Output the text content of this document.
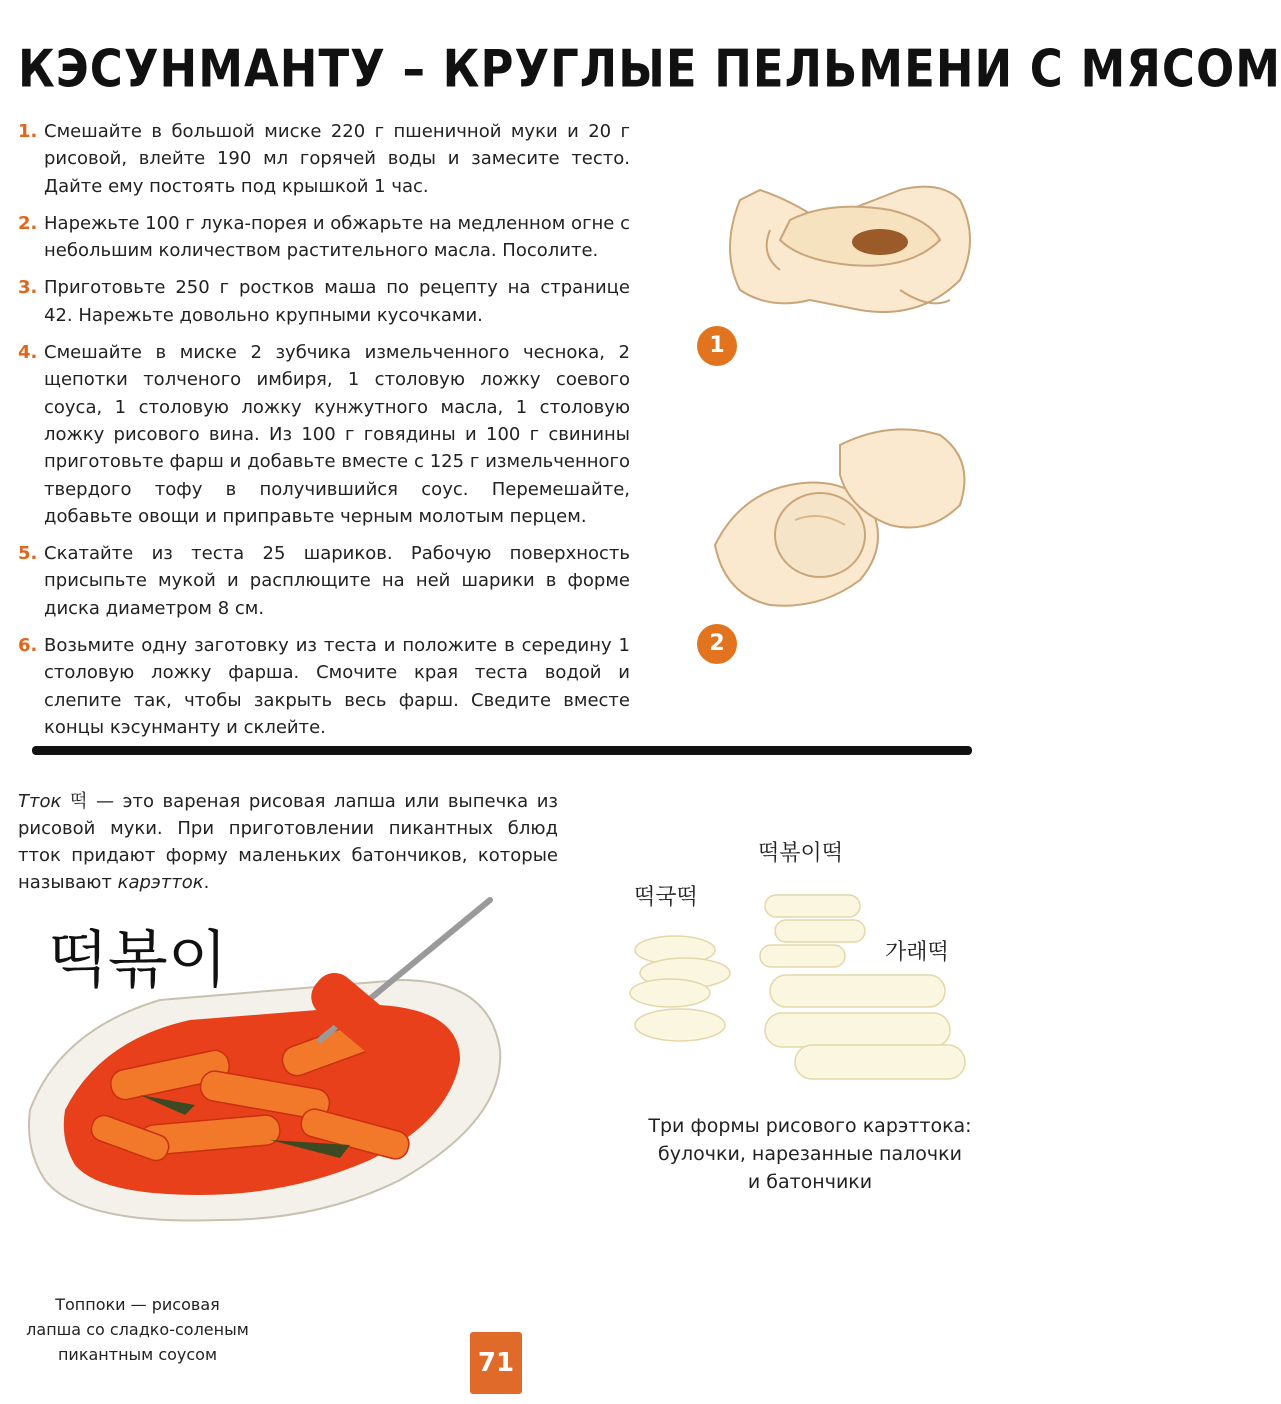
КЭСУНМАНТУ – КРУГЛЫЕ ПЕЛЬМЕНИ С МЯСОМ
1. Смешайте в большой миске 220 г пшеничной муки и 20 г рисовой, влейте 190 мл горячей воды и замесите тесто. Дайте ему постоять под крышкой 1 час.
2. Нарежьте 100 г лука-порея и обжарьте на медленном огне с небольшим количеством растительного масла. Посолите.
3. Приготовьте 250 г ростков маша по рецепту на странице 42. Нарежьте довольно крупными кусочками.
4. Смешайте в миске 2 зубчика измельченного чеснока, 2 щепотки толченого имбиря, 1 столовую ложку соевого соуса, 1 столовую ложку кунжутного масла, 1 столовую ложку рисового вина. Из 100 г говядины и 100 г свинины приготовьте фарш и добавьте вместе с 125 г измельченного твердого тофу в получившийся соус. Перемешайте, добавьте овощи и приправьте черным молотым перцем.
5. Скатайте из теста 25 шариков. Рабочую поверхность присыпьте мукой и расплющите на ней шарики в форме диска диаметром 8 см.
6. Возьмите одну заготовку из теста и положите в середину 1 столовую ложку фарша. Смочите края теста водой и слепите так, чтобы закрыть весь фарш. Сведите вместе концы кэсунманту и склейте.
1
2
Тток 떡 — это вареная рисовая лапша или выпечка из рисовой муки. При приготовлении пикантных блюд тток придают форму маленьких батончиков, которые называют карэтток.
떡볶이
떡국떡
떡볶이떡
가래떡
Три формы рисового карэттока:
булочки, нарезанные палочки
и батончики
Топпоки — рисовая
лапша со сладко-соленым
пикантным соусом	71
